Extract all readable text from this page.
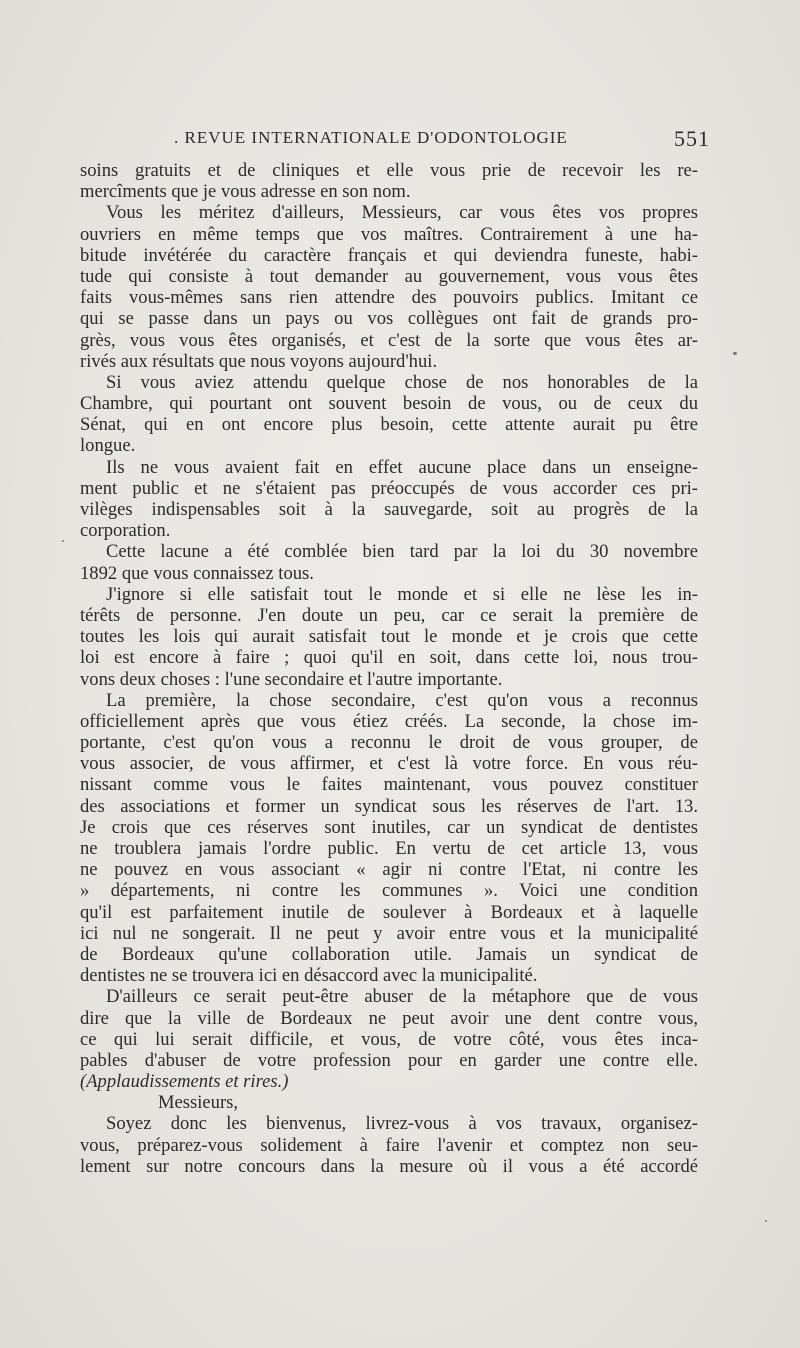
. REVUE INTERNATIONALE D'ODONTOLOGIE	551
soins gratuits et de cliniques et elle vous prie de recevoir les re-
mercîments que je vous adresse en son nom.
Vous les méritez d'ailleurs, Messieurs, car vous êtes vos propres
ouvriers en même temps que vos maîtres. Contrairement à une ha-
bitude invétérée du caractère français et qui deviendra funeste, habi-
tude qui consiste à tout demander au gouvernement, vous vous êtes
faits vous-mêmes sans rien attendre des pouvoirs publics. Imitant ce
qui se passe dans un pays ou vos collègues ont fait de grands pro-
grès, vous vous êtes organisés, et c'est de la sorte que vous êtes ar-
rivés aux résultats que nous voyons aujourd'hui.
Si vous aviez attendu quelque chose de nos honorables de la
Chambre, qui pourtant ont souvent besoin de vous, ou de ceux du
Sénat, qui en ont encore plus besoin, cette attente aurait pu être
longue.
Ils ne vous avaient fait en effet aucune place dans un enseigne-
ment public et ne s'étaient pas préoccupés de vous accorder ces pri-
vilèges indispensables soit à la sauvegarde, soit au progrès de la
corporation.
Cette lacune a été comblée bien tard par la loi du 30 novembre
1892 que vous connaissez tous.
J'ignore si elle satisfait tout le monde et si elle ne lèse les in-
térêts de personne. J'en doute un peu, car ce serait la première de
toutes les lois qui aurait satisfait tout le monde et je crois que cette
loi est encore à faire ; quoi qu'il en soit, dans cette loi, nous trou-
vons deux choses : l'une secondaire et l'autre importante.
La première, la chose secondaire, c'est qu'on vous a reconnus
officiellement après que vous étiez créés. La seconde, la chose im-
portante, c'est qu'on vous a reconnu le droit de vous grouper, de
vous associer, de vous affirmer, et c'est là votre force. En vous réu-
nissant comme vous le faites maintenant, vous pouvez constituer
des associations et former un syndicat sous les réserves de l'art. 13.
Je crois que ces réserves sont inutiles, car un syndicat de dentistes
ne troublera jamais l'ordre public. En vertu de cet article 13, vous
ne pouvez en vous associant « agir ni contre l'Etat, ni contre les
» départements, ni contre les communes ». Voici une condition
qu'il est parfaitement inutile de soulever à Bordeaux et à laquelle
ici nul ne songerait. Il ne peut y avoir entre vous et la municipalité
de Bordeaux qu'une collaboration utile. Jamais un syndicat de
dentistes ne se trouvera ici en désaccord avec la municipalité.
D'ailleurs ce serait peut-être abuser de la métaphore que de vous
dire que la ville de Bordeaux ne peut avoir une dent contre vous,
ce qui lui serait difficile, et vous, de votre côté, vous êtes inca-
pables d'abuser de votre profession pour en garder une contre elle.
(Applaudissements et rires.)
Messieurs,
Soyez donc les bienvenus, livrez-vous à vos travaux, organisez-
vous, préparez-vous solidement à faire l'avenir et comptez non seu-
lement sur notre concours dans la mesure où il vous a été accordé
